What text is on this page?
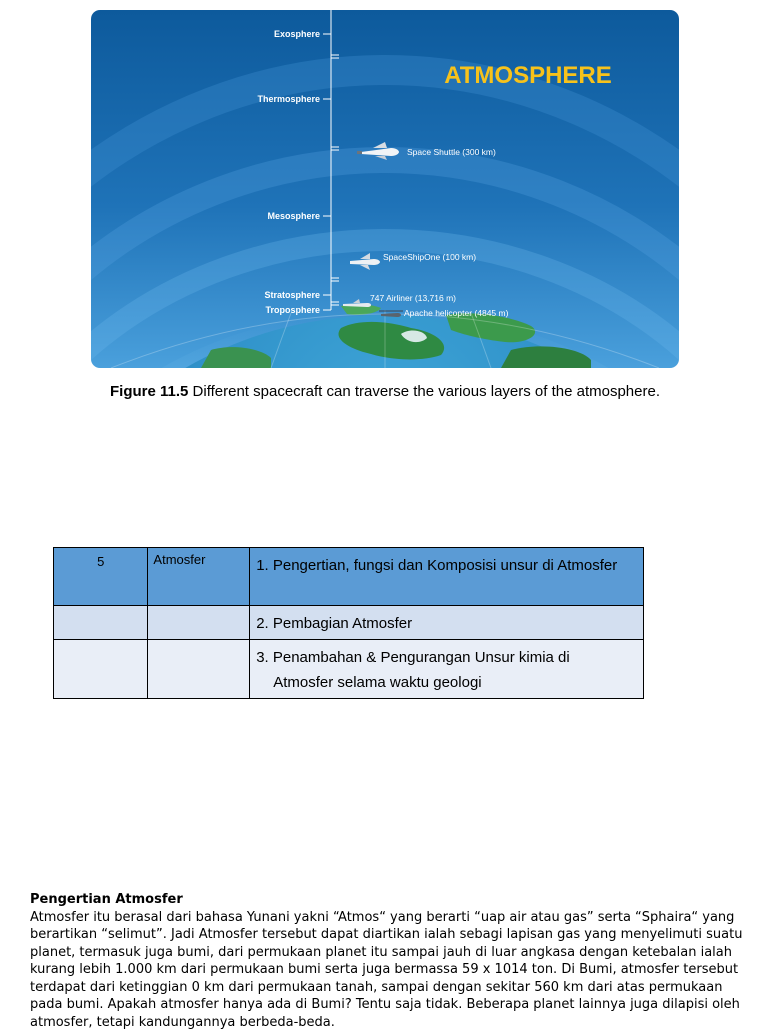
Exosphere
Thermosphere
Mesosphere
Stratosphere
Troposphere
ATMOSPHERE
Space Shuttle (300 km)
SpaceShipOne (100 km)
747 Airliner (13,716 m)
Apache helicopter (4845 m)
Figure 11.5 Different spacecraft can traverse the various layers of the atmosphere.
5	Atmosfer	1. Pengertian, fungsi dan Komposisi unsur di Atmosfer
		2. Pembagian Atmosfer

		3. Penambahan & Pengurangan Unsur kimia di
Atmosfer selama waktu geologi
Pengertian Atmosfer

Atmosfer itu berasal dari bahasa Yunani yakni “Atmos“ yang berarti “uap air atau gas” serta “Sphaira“ yang berartikan “selimut”. Jadi Atmosfer tersebut dapat diartikan ialah sebagi lapisan gas yang menyelimuti suatu planet, termasuk juga bumi, dari permukaan planet itu sampai jauh di luar angkasa dengan ketebalan ialah kurang lebih 1.000 km dari permukaan bumi serta juga bermassa 59 x 1014 ton. Di Bumi, atmosfer tersebut terdapat dari ketinggian 0 km dari permukaan tanah, sampai dengan sekitar 560 km dari atas permukaan pada bumi. Apakah atmosfer hanya ada di Bumi? Tentu saja tidak. Beberapa planet lainnya juga dilapisi oleh atmosfer, tetapi kandungannya berbeda-beda.
